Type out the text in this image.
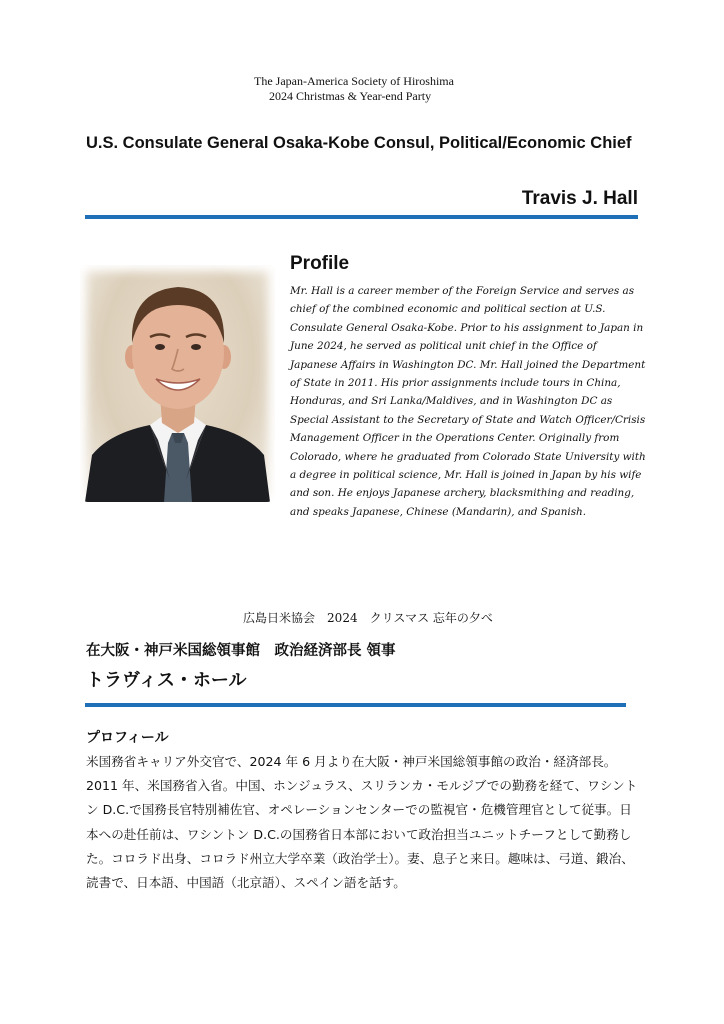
The Japan-America Society of Hiroshima
2024 Christmas & Year-end Party
U.S. Consulate General Osaka-Kobe Consul, Political/Economic Chief
Travis J. Hall
Profile

Mr. Hall is a career member of the Foreign Service and serves as chief of the combined economic and political section at U.S. Consulate General Osaka-Kobe. Prior to his assignment to Japan in June 2024, he served as political unit chief in the Office of Japanese Affairs in Washington DC. Mr. Hall joined the Department of State in 2011. His prior assignments include tours in China, Honduras, and Sri Lanka/Maldives, and in Washington DC as Special Assistant to the Secretary of State and Watch Officer/Crisis Management Officer in the Operations Center. Originally from Colorado, where he graduated from Colorado State University with a degree in political science, Mr. Hall is joined in Japan by his wife and son. He enjoys Japanese archery, blacksmithing and reading, and speaks Japanese, Chinese (Mandarin), and Spanish.

広島日米協会　2024　クリスマス 忘年の夕べ
在大阪・神戸米国総領事館　政治経済部長 領事
トラヴィス・ホール
プロフィール

米国務省キャリア外交官で、2024 年 6 月より在大阪・神戸米国総領事館の政治・経済部長。2011 年、米国務省入省。中国、ホンジュラス、スリランカ・モルジブでの勤務を経て、ワシントン D.C.で国務長官特別補佐官、オペレーションセンターでの監視官・危機管理官として従事。日本への赴任前は、ワシントン D.C.の国務省日本部において政治担当ユニットチーフとして勤務した。コロラド出身、コロラド州立大学卒業（政治学士）。妻、息子と来日。趣味は、弓道、鍛冶、読書で、日本語、中国語（北京語）、スペイン語を話す。
